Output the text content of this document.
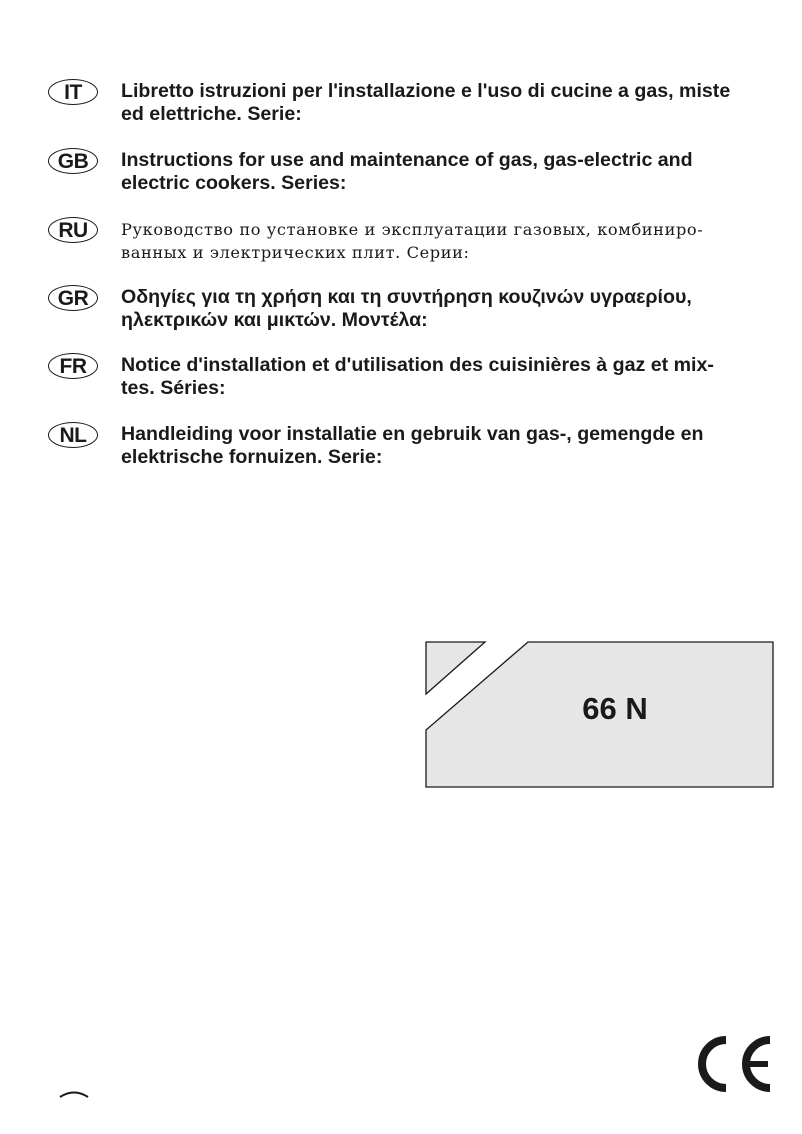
IT	Libretto istruzioni per l'installazione e l'uso di cucine a gas, miste
ed elettriche. Serie:
GB	Instructions for use and maintenance of gas, gas-electric and
electric cookers. Series:
RU	Руководство по установке и эксплуатации газовых, комбиниро-
ванных и электрических плит. Серии:
GR	Οδηγίες για τη χρήση και τη συντήρηση κουζινών υγραερίου,
ηλεκτρικών και μικτών. Μοντέλα:
FR	Notice d'installation et d'utilisation des cuisinières à gaz et mix-
tes. Séries:
NL	Handleiding voor installatie en gebruik van gas-, gemengde en
elektrische fornuizen. Serie:
66 N
